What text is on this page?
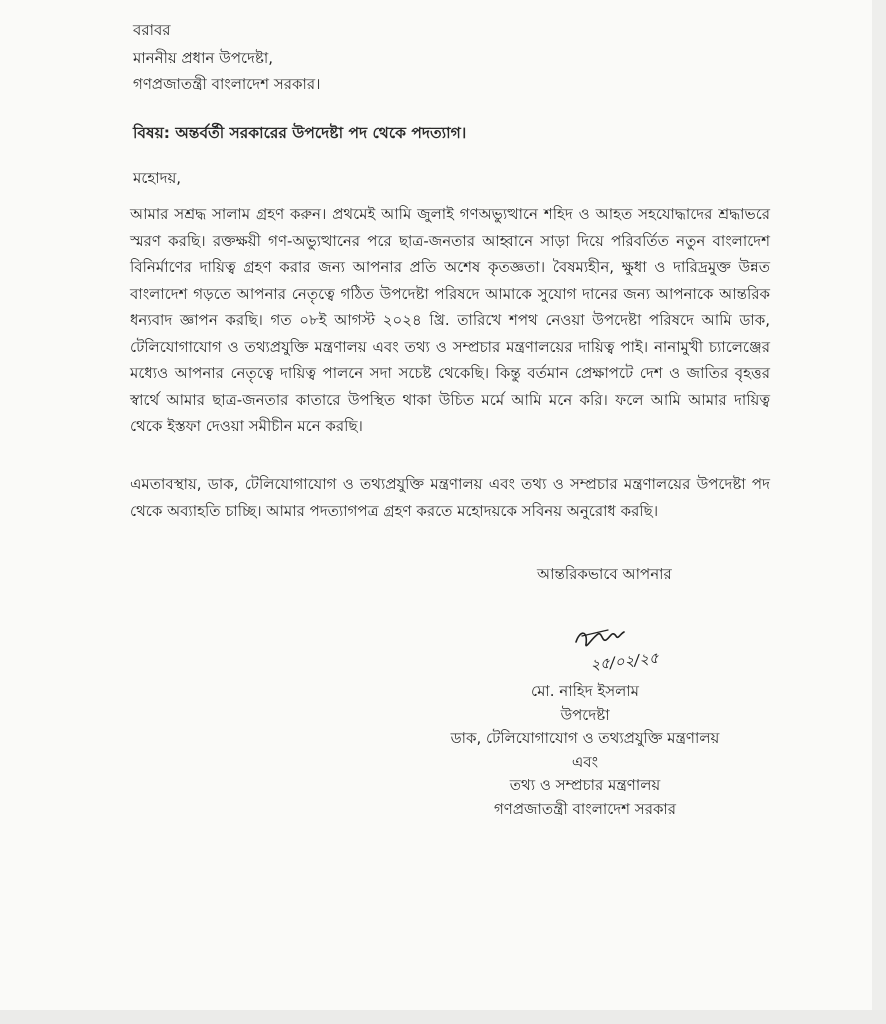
বরাবর
মাননীয় প্রধান উপদেষ্টা,
গণপ্রজাতন্ত্রী বাংলাদেশ সরকার।
বিষয়: অন্তর্বর্তী সরকারের উপদেষ্টা পদ থেকে পদত্যাগ।
মহোদয়,

আমার সশ্রদ্ধ সালাম গ্রহণ করুন। প্রথমেই আমি জুলাই গণঅভ্যুত্থানে শহিদ ও আহত সহযোদ্ধাদের শ্রদ্ধাভরে স্মরণ করছি। রক্তক্ষয়ী গণ-অভ্যুত্থানের পরে ছাত্র-জনতার আহ্বানে সাড়া দিয়ে পরিবর্তিত নতুন বাংলাদেশ বিনির্মাণের দায়িত্ব গ্রহণ করার জন্য আপনার প্রতি অশেষ কৃতজ্ঞতা। বৈষম্যহীন, ক্ষুধা ও দারিদ্রমুক্ত উন্নত বাংলাদেশ গড়তে আপনার নেতৃত্বে গঠিত উপদেষ্টা পরিষদে আমাকে সুযোগ দানের জন্য আপনাকে আন্তরিক ধন্যবাদ জ্ঞাপন করছি। গত ০৮ই আগস্ট ২০২৪ খ্রি. তারিখে শপথ নেওয়া উপদেষ্টা পরিষদে আমি ডাক, টেলিযোগাযোগ ও তথ্যপ্রযুক্তি মন্ত্রণালয় এবং তথ্য ও সম্প্রচার মন্ত্রণালয়ের দায়িত্ব পাই। নানামুখী চ্যালেঞ্জের মধ্যেও আপনার নেতৃত্বে দায়িত্ব পালনে সদা সচেষ্ট থেকেছি। কিন্তু বর্তমান প্রেক্ষাপটে দেশ ও জাতির বৃহত্তর স্বার্থে আমার ছাত্র-জনতার কাতারে উপস্থিত থাকা উচিত মর্মে আমি মনে করি। ফলে আমি আমার দায়িত্ব থেকে ইস্তফা দেওয়া সমীচীন মনে করছি।

এমতাবস্থায়, ডাক, টেলিযোগাযোগ ও তথ্যপ্রযুক্তি মন্ত্রণালয় এবং তথ্য ও সম্প্রচার মন্ত্রণালয়ের উপদেষ্টা পদ থেকে অব্যাহতি চাচ্ছি। আমার পদত্যাগপত্র গ্রহণ করতে মহোদয়কে সবিনয় অনুরোধ করছি।

আন্তরিকভাবে আপনার
২৫/০২/২৫
মো. নাহিদ ইসলাম
উপদেষ্টা
ডাক, টেলিযোগাযোগ ও তথ্যপ্রযুক্তি মন্ত্রণালয়
এবং
তথ্য ও সম্প্রচার মন্ত্রণালয়
গণপ্রজাতন্ত্রী বাংলাদেশ সরকার
